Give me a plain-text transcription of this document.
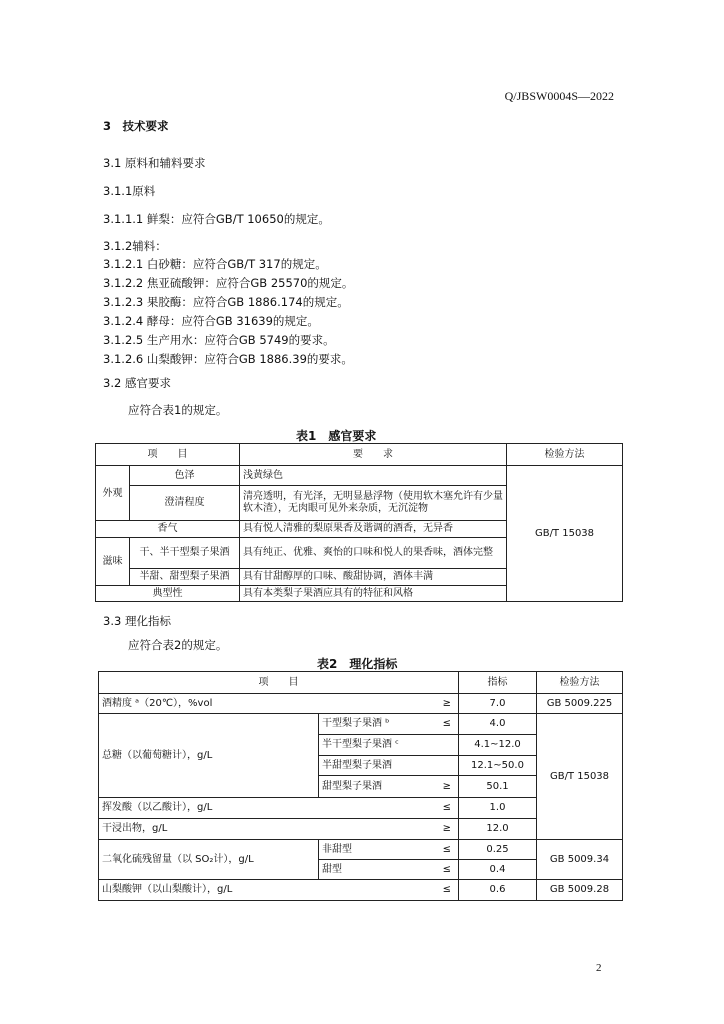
Q/JBSW0004S—2022
3　技术要求
3.1 原料和辅料要求
3.1.1原料
3.1.1.1 鲜梨：应符合GB/T 10650的规定。
3.1.2辅料：
3.1.2.1 白砂糖：应符合GB/T 317的规定。
3.1.2.2 焦亚硫酸钾：应符合GB 25570的规定。
3.1.2.3 果胶酶：应符合GB 1886.174的规定。
3.1.2.4 酵母：应符合GB 31639的规定。
3.1.2.5 生产用水：应符合GB 5749的要求。
3.1.2.6 山梨酸钾：应符合GB 1886.39的要求。
3.2 感官要求
应符合表1的规定。
表1　感官要求
项　　目		要　　求	检验方法
外观	色泽	浅黄绿色	GB/T 15038
	澄清程度	清亮透明，有光泽，无明显悬浮物（使用软木塞允许有少量软木渣），无肉眼可见外来杂质，无沉淀物	
香气		具有悦人清雅的梨原果香及谐调的酒香，无异香	
滋味	干、半干型梨子果酒	具有纯正、优雅、爽怡的口味和悦人的果香味，酒体完整	
	半甜、甜型梨子果酒	具有甘甜醇厚的口味、酸甜协调，酒体丰满	
典型性		具有本类梨子果酒应具有的特征和风格	
3.3 理化指标
应符合表2的规定。
表2　理化指标
项　　目		指标	检验方法
酒精度 ᵃ（20℃），%vol ≥		7.0	GB 5009.225
总糖（以葡萄糖计），g/L	干型梨子果酒 ᵇ ≤	4.0	GB/T 15038
	半干型梨子果酒 ᶜ	4.1~12.0	
	半甜型梨子果酒	12.1~50.0	
	甜型梨子果酒 ≥	50.1	
挥发酸（以乙酸计），g/L ≤		1.0	
干浸出物，g/L ≥		12.0	
二氧化硫残留量（以 SO₂计），g/L	非甜型 ≤	0.25	GB 5009.34
	甜型 ≤	0.4	
山梨酸钾（以山梨酸计），g/L ≤		0.6	GB 5009.28
2
